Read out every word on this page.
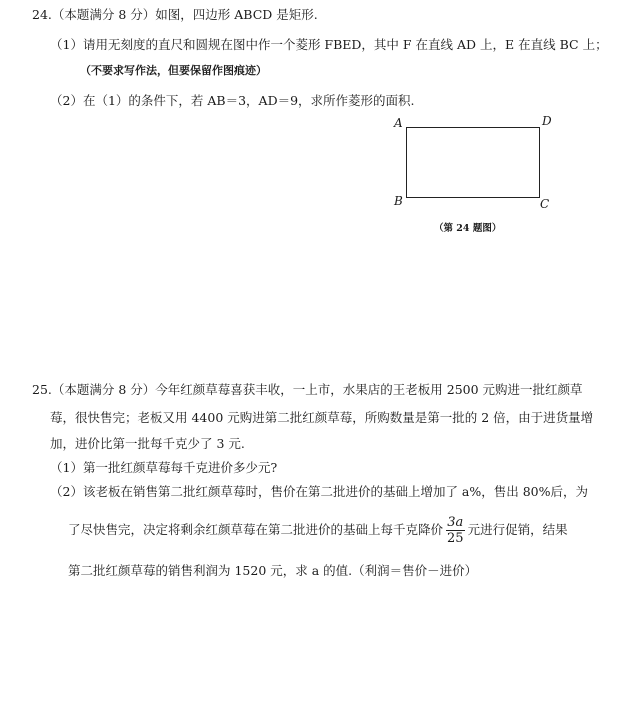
24.（本题满分 8 分）如图，四边形 ABCD 是矩形.
（1）请用无刻度的直尺和圆规在图中作一个菱形 FBED，其中 F 在直线 AD 上，E 在直线 BC 上；
（不要求写作法，但要保留作图痕迹）
（2）在（1）的条件下，若 AB＝3，AD＝9，求所作菱形的面积.
A	D
B	C
（第 24 题图）
25.（本题满分 8 分）今年红颜草莓喜获丰收，一上市，水果店的王老板用 2500 元购进一批红颜草
莓，很快售完；老板又用 4400 元购进第二批红颜草莓，所购数量是第一批的 2 倍，由于进货量增
加，进价比第一批每千克少了 3 元.
（1）第一批红颜草莓每千克进价多少元?
（2）该老板在销售第二批红颜草莓时，售价在第二批进价的基础上增加了 a%，售出 80%后，为
了尽快售完，决定将剩余红颜草莓在第二批进价的基础上每千克降价 $\frac{3a}{25}$ 元进行促销，结果
第二批红颜草莓的销售利润为 1520 元，求 a 的值.（利润＝售价－进价）
